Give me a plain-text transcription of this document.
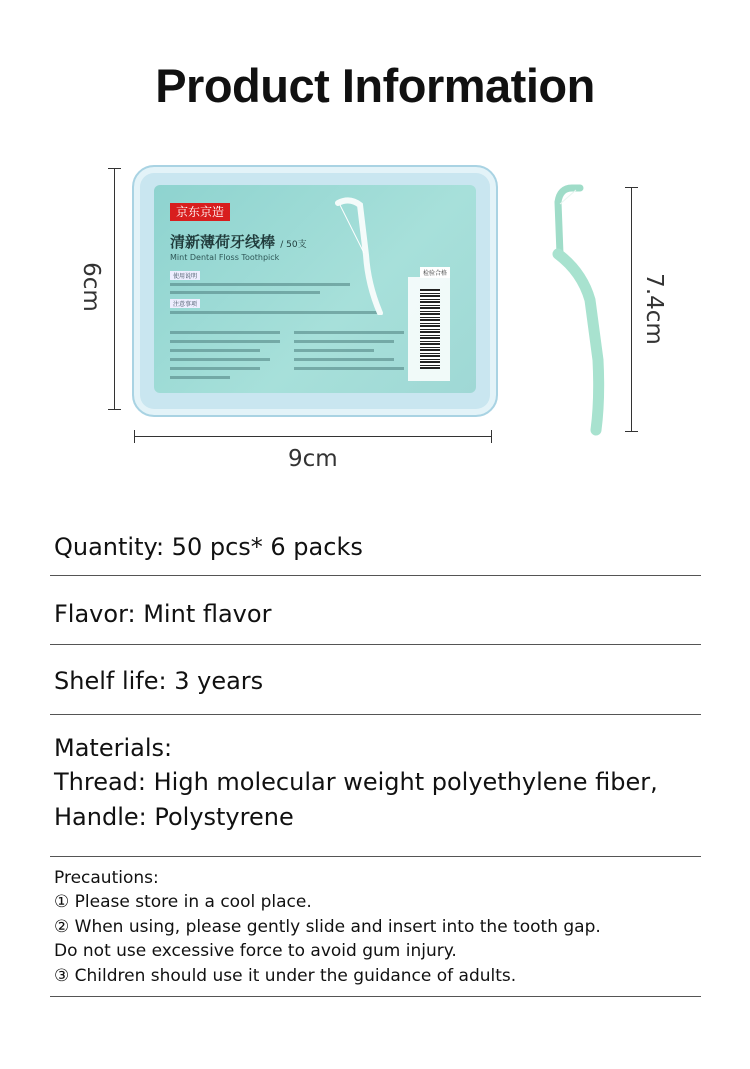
Product Information
6cm
9cm
京东京造
清新薄荷牙线棒 / 50支
Mint Dental Floss Toothpick
使用说明
注意事项
检验合格	7.4cm
Quantity: 50 pcs* 6 packs
Flavor: Mint flavor
Shelf life: 3 years
Materials:
Thread: High molecular weight polyethylene fiber,
Handle: Polystyrene
Precautions:
① Please store in a cool place.
② When using, please gently slide and insert into the tooth gap.
Do not use excessive force to avoid gum injury.
③ Children should use it under the guidance of adults.
